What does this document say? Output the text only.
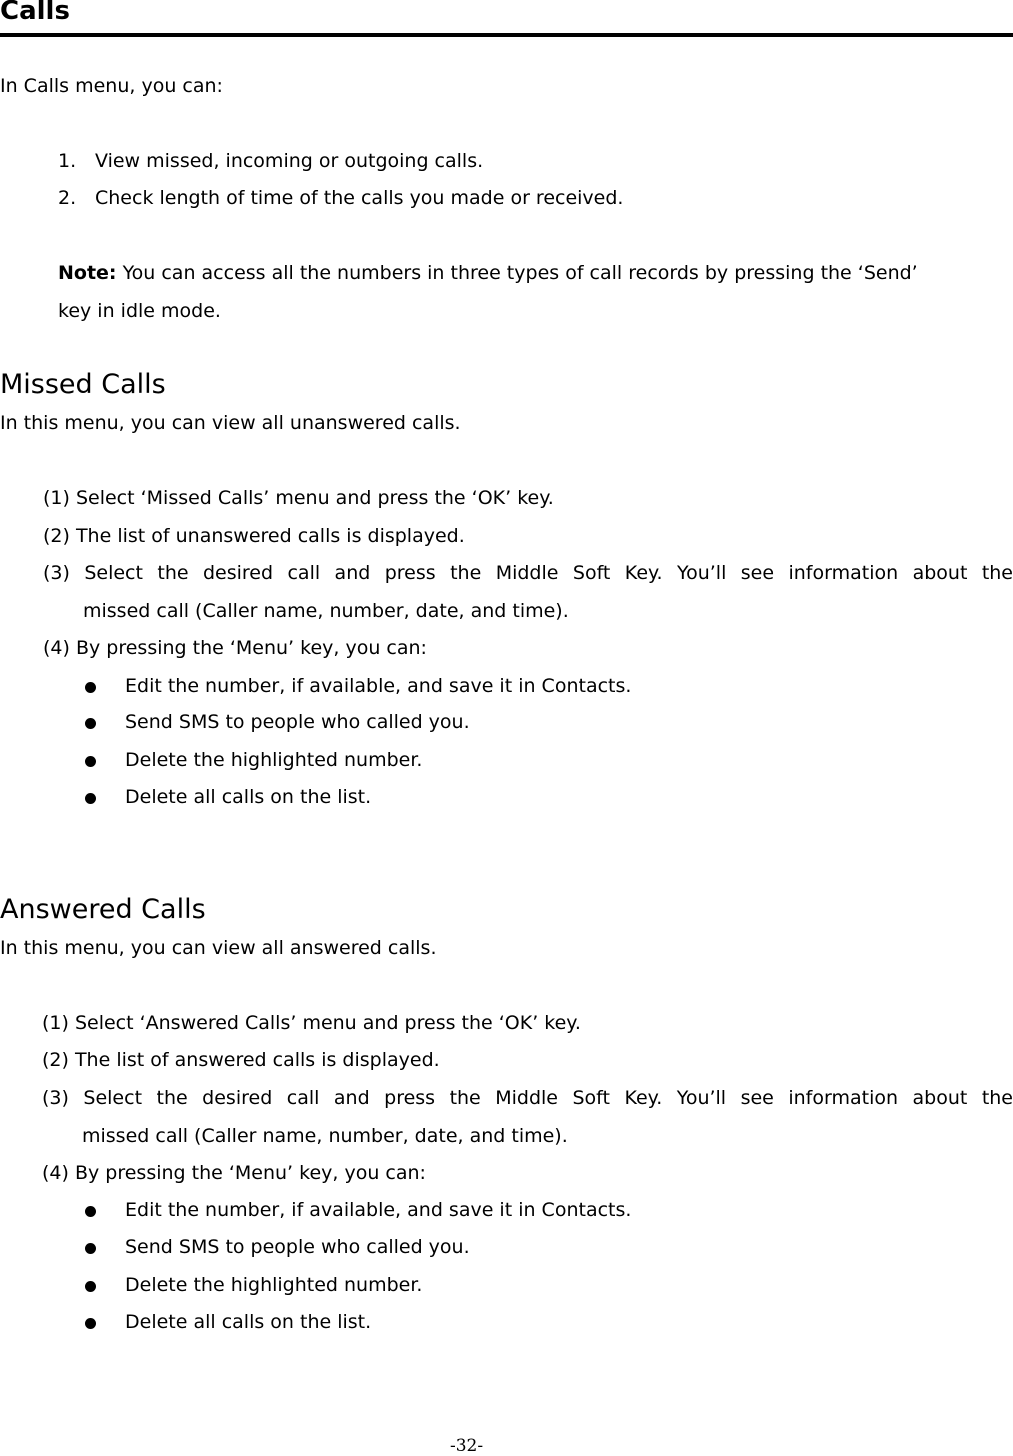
Calls
In Calls menu, you can:
1. View missed, incoming or outgoing calls.
2. Check length of time of the calls you made or received.
Note: You can access all the numbers in three types of call records by pressing the ‘Send’
key in idle mode.
Missed Calls
In this menu, you can view all unanswered calls.
(1) Select ‘Missed Calls’ menu and press the ‘OK’ key.
(2) The list of unanswered calls is displayed.
(3) Select the desired call and press the Middle Soft Key. You’ll see information about the
missed call (Caller name, number, date, and time).
(4) By pressing the ‘Menu’ key, you can:
Edit the number, if available, and save it in Contacts.
Send SMS to people who called you.
Delete the highlighted number.
Delete all calls on the list.
Answered Calls
In this menu, you can view all answered calls.
(1) Select ‘Answered Calls’ menu and press the ‘OK’ key.
(2) The list of answered calls is displayed.
(3) Select the desired call and press the Middle Soft Key. You’ll see information about the
missed call (Caller name, number, date, and time).
(4) By pressing the ‘Menu’ key, you can:
Edit the number, if available, and save it in Contacts.
Send SMS to people who called you.
Delete the highlighted number.
Delete all calls on the list.
-32-
